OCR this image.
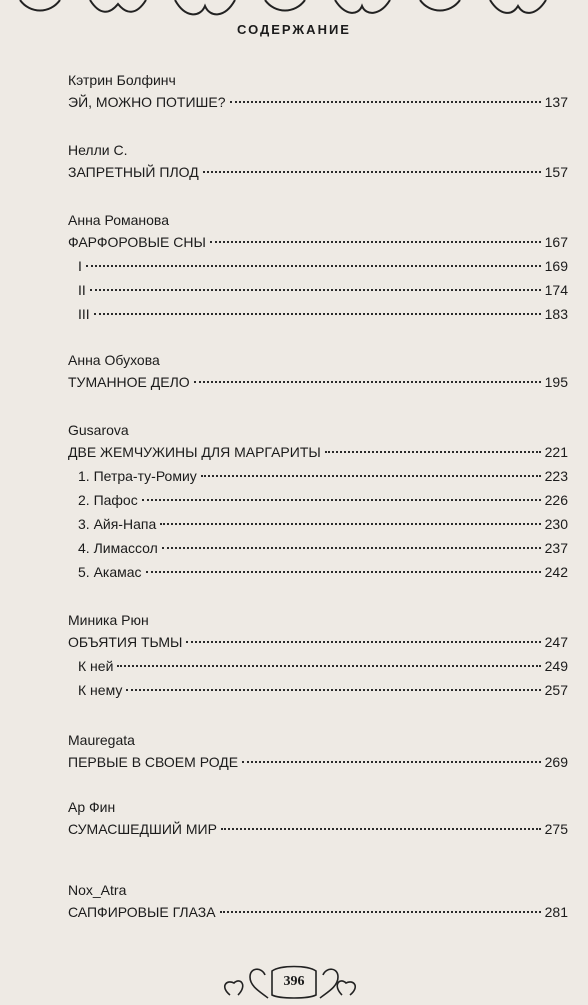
СОДЕРЖАНИЕ
Кэтрин Болфинч
ЭЙ, МОЖНО ПОТИШЕ?	137
Нелли С.
ЗАПРЕТНЫЙ ПЛОД	157
Анна Романова
ФАРФОРОВЫЕ СНЫ	167
I	169
II	174
III	183
Анна Обухова
ТУМАННОЕ ДЕЛО	195
Gusarova
ДВЕ ЖЕМЧУЖИНЫ ДЛЯ МАРГАРИТЫ	221
1. Петра-ту-Ромиу	223
2. Пафос	226
3. Айя-Напа	230
4. Лимассол	237
5. Акамас	242
Миника Рюн
ОБЪЯТИЯ ТЬМЫ	247
К ней	249
К нему	257
Mauregata
ПЕРВЫЕ В СВОЕМ РОДЕ	269
Ар Фин
СУМАСШЕДШИЙ МИР	275
Nox_Atra
САПФИРОВЫЕ ГЛАЗА	281
396
